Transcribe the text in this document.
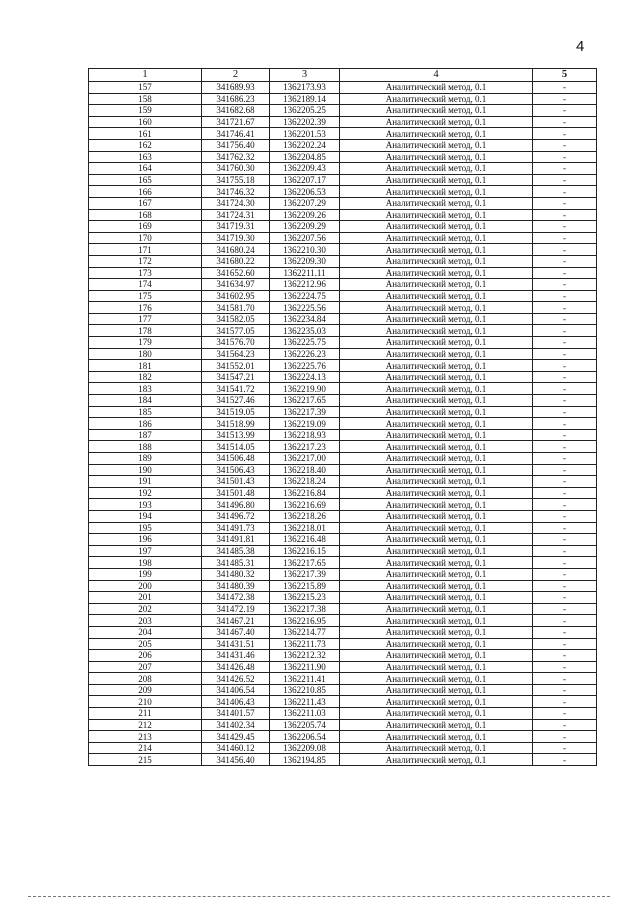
4
1	2	3	4	5
157	341689.93	1362173.93	Аналитический метод, 0.1	-
158	341686.23	1362189.14	Аналитический метод, 0.1	-
159	341682.68	1362205.25	Аналитический метод, 0.1	-
160	341721.67	1362202.39	Аналитический метод, 0.1	-
161	341746.41	1362201.53	Аналитический метод, 0.1	-
162	341756.40	1362202.24	Аналитический метод, 0.1	-
163	341762.32	1362204.85	Аналитический метод, 0.1	-
164	341760.30	1362209.43	Аналитический метод, 0.1	-
165	341755.18	1362207.17	Аналитический метод, 0.1	-
166	341746.32	1362206.53	Аналитический метод, 0.1	-
167	341724.30	1362207.29	Аналитический метод, 0.1	-
168	341724.31	1362209.26	Аналитический метод, 0.1	-
169	341719.31	1362209.29	Аналитический метод, 0.1	-
170	341719.30	1362207.56	Аналитический метод, 0.1	-
171	341680.24	1362210.30	Аналитический метод, 0.1	-
172	341680.22	1362209.30	Аналитический метод, 0.1	-
173	341652.60	1362211.11	Аналитический метод, 0.1	-
174	341634.97	1362212.96	Аналитический метод, 0.1	-
175	341602.95	1362224.75	Аналитический метод, 0.1	-
176	341581.70	1362225.56	Аналитический метод, 0.1	-
177	341582.05	1362234.84	Аналитический метод, 0.1	-
178	341577.05	1362235.03	Аналитический метод, 0.1	-
179	341576.70	1362225.75	Аналитический метод, 0.1	-
180	341564.23	1362226.23	Аналитический метод, 0.1	-
181	341552.01	1362225.76	Аналитический метод, 0.1	-
182	341547.21	1362224.13	Аналитический метод, 0.1	-
183	341541.72	1362219.90	Аналитический метод, 0.1	-
184	341527.46	1362217.65	Аналитический метод, 0.1	-
185	341519.05	1362217.39	Аналитический метод, 0.1	-
186	341518.99	1362219.09	Аналитический метод, 0.1	-
187	341513.99	1362218.93	Аналитический метод, 0.1	-
188	341514.05	1362217.23	Аналитический метод, 0.1	-
189	341506.48	1362217.00	Аналитический метод, 0.1	-
190	341506.43	1362218.40	Аналитический метод, 0.1	-
191	341501.43	1362218.24	Аналитический метод, 0.1	-
192	341501.48	1362216.84	Аналитический метод, 0.1	-
193	341496.80	1362216.69	Аналитический метод, 0.1	-
194	341496.72	1362218.26	Аналитический метод, 0.1	-
195	341491.73	1362218.01	Аналитический метод, 0.1	-
196	341491.81	1362216.48	Аналитический метод, 0.1	-
197	341485.38	1362216.15	Аналитический метод, 0.1	-
198	341485.31	1362217.65	Аналитический метод, 0.1	-
199	341480.32	1362217.39	Аналитический метод, 0.1	-
200	341480.39	1362215.89	Аналитический метод, 0.1	-
201	341472.38	1362215.23	Аналитический метод, 0.1	-
202	341472.19	1362217.38	Аналитический метод, 0.1	-
203	341467.21	1362216.95	Аналитический метод, 0.1	-
204	341467.40	1362214.77	Аналитический метод, 0.1	-
205	341431.51	1362211.73	Аналитический метод, 0.1	-
206	341431.46	1362212.32	Аналитический метод, 0.1	-
207	341426.48	1362211.90	Аналитический метод, 0.1	-
208	341426.52	1362211.41	Аналитический метод, 0.1	-
209	341406.54	1362210.85	Аналитический метод, 0.1	-
210	341406.43	1362211.43	Аналитический метод, 0.1	-
211	341401.57	1362211.03	Аналитический метод, 0.1	-
212	341402.34	1362205.74	Аналитический метод, 0.1	-
213	341429.45	1362206.54	Аналитический метод, 0.1	-
214	341460.12	1362209.08	Аналитический метод, 0.1	-
215	341456.40	1362194.85	Аналитический метод, 0.1	-
